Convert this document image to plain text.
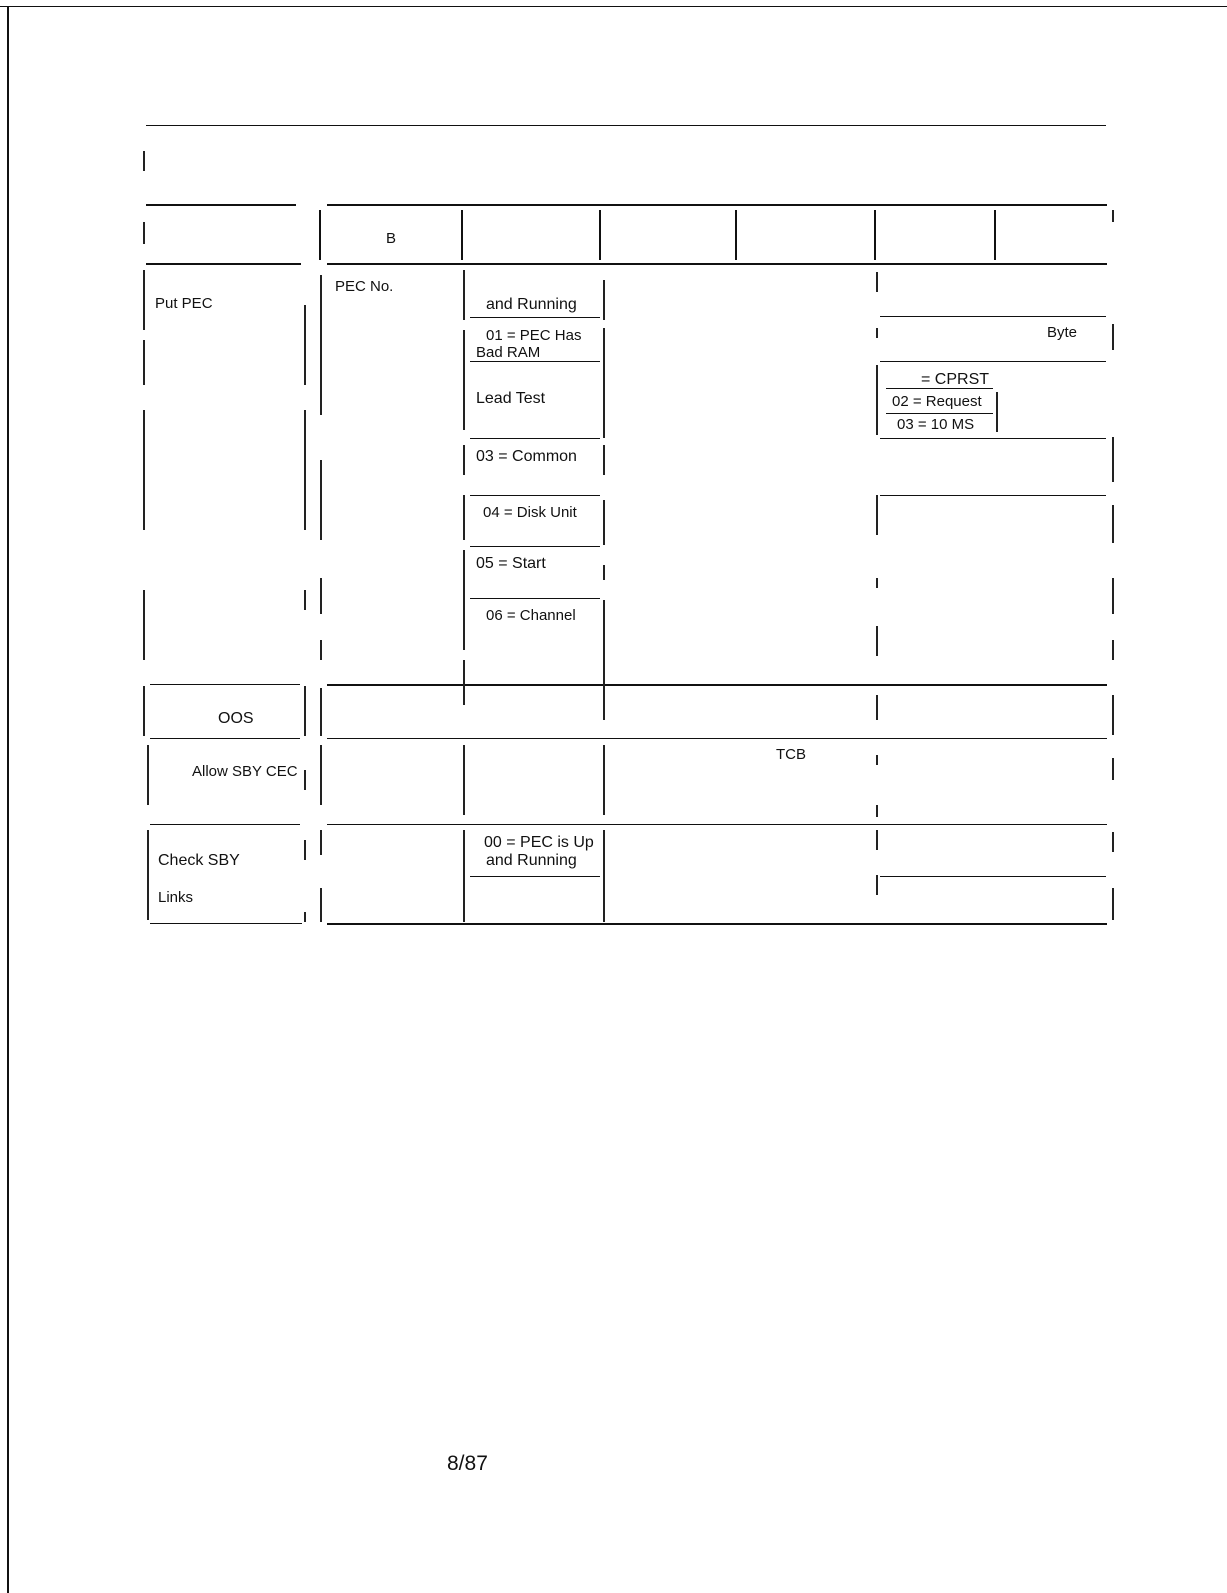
B
Put PEC
PEC No.
and Running
01 = PEC Has
Bad RAM
Lead Test
03 = Common
04 = Disk Unit
05 = Start
06 = Channel
Byte
= CPRST
02 = Request
03 = 10 MS
OOS
Allow SBY CEC
TCB
Check SBY
Links
00 = PEC is Up
and Running
8/87
